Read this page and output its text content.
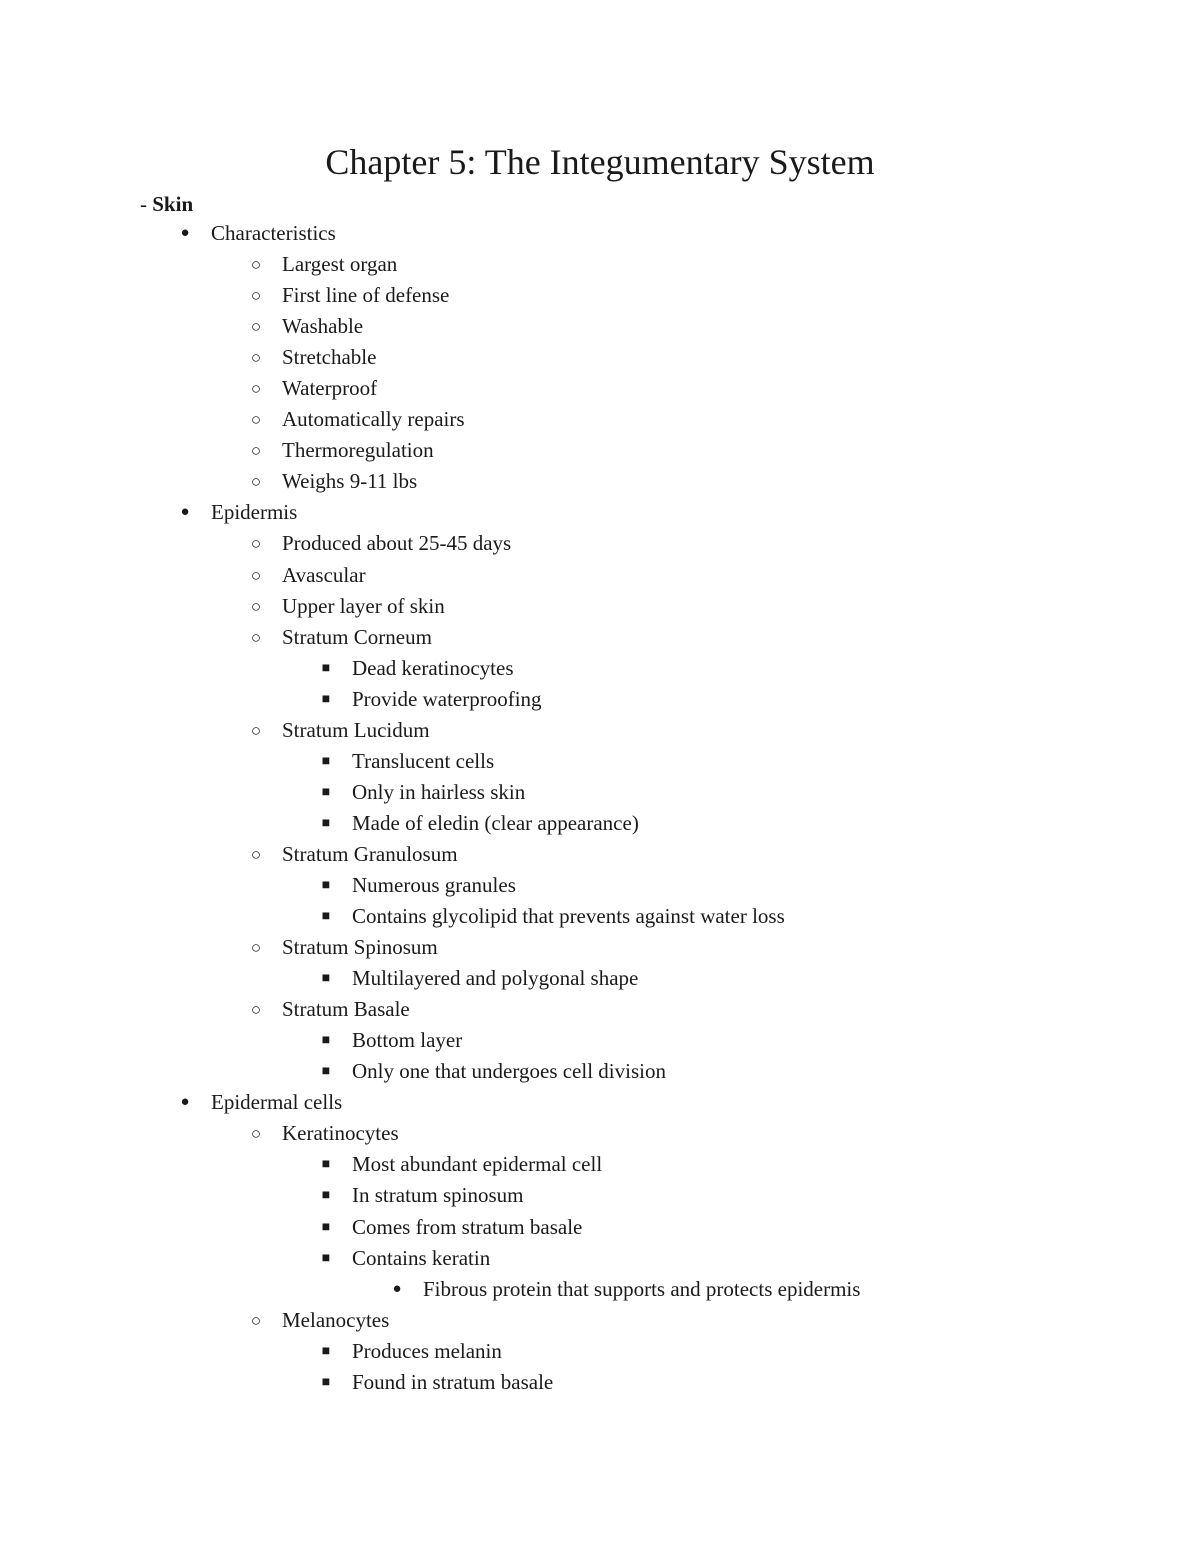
Chapter 5: The Integumentary System
- Skin
● Characteristics
○ Largest organ
○ First line of defense
○ Washable
○ Stretchable
○ Waterproof
○ Automatically repairs
○ Thermoregulation
○ Weighs 9-11 lbs
● Epidermis
○ Produced about 25-45 days
○ Avascular
○ Upper layer of skin
○ Stratum Corneum
■ Dead keratinocytes
■ Provide waterproofing
○ Stratum Lucidum
■ Translucent cells
■ Only in hairless skin
■ Made of eledin (clear appearance)
○ Stratum Granulosum
■ Numerous granules
■ Contains glycolipid that prevents against water loss
○ Stratum Spinosum
■ Multilayered and polygonal shape
○ Stratum Basale
■ Bottom layer
■ Only one that undergoes cell division
● Epidermal cells
○ Keratinocytes
■ Most abundant epidermal cell
■ In stratum spinosum
■ Comes from stratum basale
■ Contains keratin
● Fibrous protein that supports and protects epidermis
○ Melanocytes
■ Produces melanin
■ Found in stratum basale
